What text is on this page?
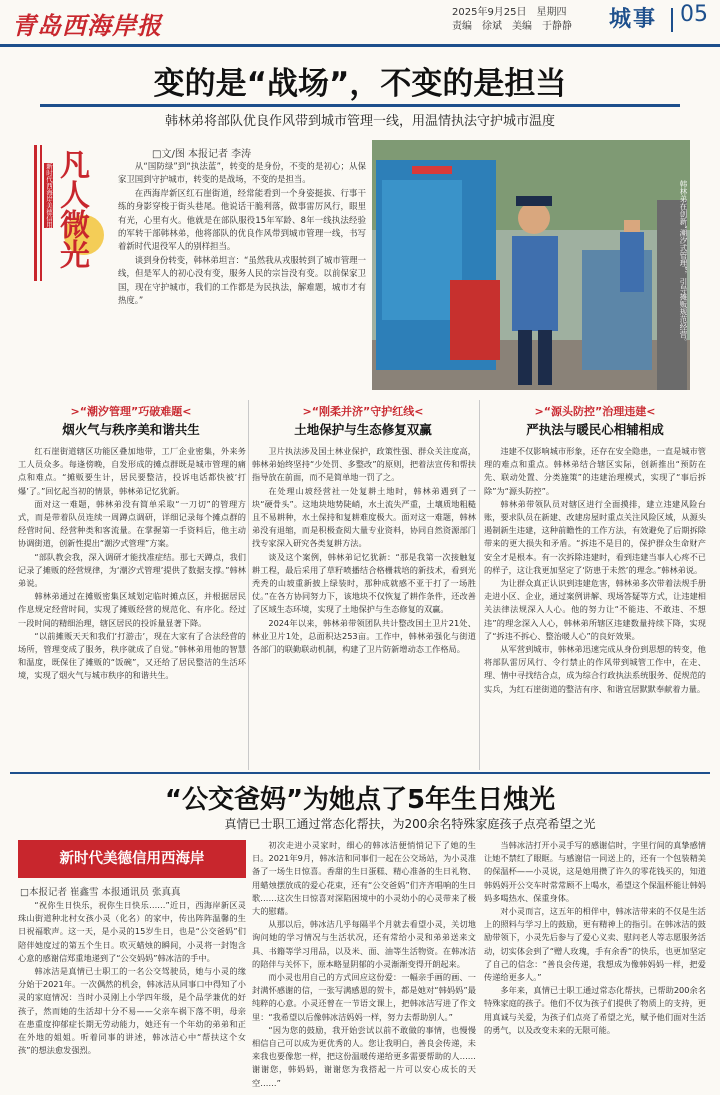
青岛西海岸报	2025年9月25日　星期四
责编　徐斌　美编　于静静 城事 05
变的是“战场”，不变的是担当
韩林弟将部队优良作风带到城市管理一线，用温情执法守护城市温度
凡人微光
新时代西海岸美德信用
□文/图 本报记者 李涛

从“国防绿”到“执法蓝”，转变的是身份，不变的是初心；从保家卫国到守护城市，转变的是战场，不变的是担当。

在西海岸新区红石崖街道，经常能看到一个身姿挺拔、行事干练的身影穿梭于街头巷尾。他说话干脆利落，做事雷厉风行，眼里有光，心里有火。他就是在部队服役15年军龄、8年一线执法经验的军转干部韩林弟，他将部队的优良作风带到城市管理一线，书写着新时代退役军人的别样担当。

谈到身份转变，韩林弟坦言：“虽然我从戎服转到了城市管理一线，但是军人的初心没有变，服务人民的宗旨没有变。以前保家卫国，现在守护城市，我们的工作都是为民执法，解难题，城市才有热度。”	韩林弟在创新“潮汐式管理”，引导摊贩规范经营。
>“潮汐管理”巧破难题<
烟火气与秩序美和谐共生
>“刚柔并济”守护红线<
土地保护与生态修复双赢
>“源头防控”治理违建<
严执法与暖民心相辅相成

红石崖街道辖区功能区叠加地带，工厂企业密集，外来务工人员众多。每逢傍晚，自发形成的摊点群既是城市管理的痛点和难点。“摊贩要生计，居民要整洁，投诉电话都快被‘打爆’了。”回忆起当初的情景，韩林弟记忆犹新。

面对这一难题，韩林弟没有简单采取“一刀切”的管理方式，而是带着队员连续一周蹲点调研，详细记录每个摊点群的经营时间、经营种类和客流量。在掌握第一手资料后，他主动协调街道，创新性提出“潮汐式管理”方案。

“部队教会我，深入调研才能找准症结。那七天蹲点，我们记录了摊贩的经营规律，为‘潮汐式管理’提供了数据支撑。”韩林弟说。

韩林弟通过在摊贩密集区域划定临时摊点区，并根据居民作息规定经营时间，实现了摊贩经营的规范化、有序化。经过一段时间的精细治理，辖区居民的投诉量显著下降。

“以前摊贩天天和我们‘打游击’，现在大家有了合法经营的场所，管理变成了服务，秩序就成了自觉。”韩林弟用他的智慧和温度，既保住了摊贩的“饭碗”，又还给了居民整洁的生活环境，实现了烟火气与城市秩序的和谐共生。

卫片执法涉及国土林业保护，政策性强、群众关注度高，韩林弟始终坚持“少处罚、多整改”的原则，把着法宣传和帮扶指导放在前面，而不是简单地一罚了之。

在处理山坡经营社一处复耕土地时，韩林弟遇到了一块“硬骨头”。这地块地势陡峭，水土流失严重，土壤质地粗糙且不易耕种，水土保持和复耕难度极大。面对这一难题，韩林弟没有退缩，而是积极查阅大量专业资料，协同自然资源部门找专家深入研究各类复耕方法。

谈及这个案例，韩林弟记忆犹新：“那是我第一次接触复耕工程，最后采用了草籽喷播结合格栅栽培的新技术，看到光秃秃的山坡重新披上绿装时，那种成就感不亚于打了一场胜仗。”在各方协同努力下，该地块不仅恢复了耕作条件，还改善了区域生态环境，实现了土地保护与生态修复的双赢。

2024年以来，韩林弟带领团队共计整改国土卫片21处、林业卫片1处，总面积达253亩。工作中，韩林弟强化与街道各部门的联勤联动机制，构建了卫片防新增动态工作格局。

违建不仅影响城市形象，还存在安全隐患，一直是城市管理的难点和重点。韩林弟结合辖区实际，创新推出“预防在先、联动处置、分类施策”的违建治理模式，实现了“事后拆除”为“源头防控”。

韩林弟带领队员对辖区进行全面摸排，建立违建风险台账，要求队员在新建、改建房屋时重点关注风险区域，从源头遏制新生违建，这种前瞻性的工作方法，有效避免了后期拆除带来的更大损失和矛盾。“拆违不是目的，保护群众生命财产安全才是根本。有一次拆除违建时，看到违建当事人心疼不已的样子，这让我更加坚定了‘防患于未然’的理念。”韩林弟说。

为让群众真正认识到违建危害，韩林弟多次带着法规手册走进小区、企业，通过案例讲解、现场答疑等方式，让违建相关法律法规深入人心。他的努力让“不能违、不敢违、不想违”的理念深入人心，韩林弟所辖区违建数量持续下降，实现了“拆违不拆心、整治暖人心”的良好效果。

从军营到城市，韩林弟迅速完成从身份到思想的转变，他将部队雷厉风行、令行禁止的作风带到城管工作中，在走、理、情中寻找结合点，成为综合行政执法系统服务、促规范的实兵，为红石崖街道的整洁有序、和谐宜居默默奉献着力量。

“公交爸妈”为她点了5年生日烛光
真情已士职工通过常态化帮扶，为200余名特殊家庭孩子点亮希望之光
新时代美德信用西海岸
□本报记者 崔鑫雪 本报通讯员 张真真

“祝你生日快乐，祝你生日快乐……”近日，西海岸新区灵珠山街道种北村女孩小灵（化名）的家中，传出阵阵温馨的生日祝福歌声。这一天，是小灵的15岁生日，也是“公交爸妈”们陪伴她度过的第五个生日。吹灭蜡烛的瞬间，小灵将一封饱含心意的感谢信郑重地递到了“公交妈妈”韩冰洁的手中。

韩冰洁是真情已士职工的一名公交驾驶员，她与小灵的缘分始于2021年。一次偶然的机会，韩冰洁从同事口中得知了小灵的家庭情况：当时小灵刚上小学四年级，是个品学兼优的好孩子，然而她的生活却十分不易——父亲车祸下落不明，母亲在患重度抑郁症长期无劳动能力，她还有一个年幼的弟弟和正在外地的姐姐。听着同事的讲述，韩冰洁心中“帮扶这个女孩”的想法愈发强烈。

初次走进小灵家时，细心的韩冰洁便悄悄记下了她的生日。2021年9月，韩冰洁和同事们一起在公交场站，为小灵准备了一场生日惊喜。香甜的生日蛋糕、精心准备的生日礼物、用蜡烛摆放成的爱心花束，还有“公交爸妈”们齐齐唱响的生日歌……这次生日惊喜对深陷困境中的小灵幼小的心灵带来了极大的慰藉。

从那以后，韩冰洁几乎每隔半个月就去看望小灵，关切地询问她的学习情况与生活状况，还有常给小灵和弟弟送来文具、书籍等学习用品，以及米、面、油等生活物资。在韩冰洁的陪伴与关怀下，原本略显阴郁的小灵渐渐变得开朗起来。

而小灵也用自己的方式回应这份爱：一幅亲手画的画、一封满怀感谢的信，一张写满感恩的贺卡，都是她对“韩妈妈”最纯粹的心意。小灵还曾在一节语文课上，把韩冰洁写进了作文里：“我希望以后像韩冰洁妈妈一样，努力去帮助别人。”

“因为您的鼓励，我开始尝试以前不敢做的事情，也慢慢相信自己可以成为更优秀的人。您让我明白，善良会传递，未来我也要像您一样，把这份温暖传递给更多需要帮助的人……谢谢您，韩妈妈，谢谢您为我搭起一片可以安心成长的天空……”

当韩冰洁打开小灵手写的感谢信时，字里行间的真挚感情让她不禁红了眼眶。与感谢信一同送上的，还有一个包装精美的保温杯——小灵说，这是她用攒了许久的零花钱买的，知道韩妈妈开公交车时常常顾不上喝水，希望这个保温杯能让韩妈妈多喝热水、保重身体。

对小灵而言，这五年的相伴中，韩冰洁带来的不仅是生活上的照料与学习上的鼓励，更有精神上的指引。在韩冰洁的鼓励带领下，小灵先后参与了爱心义卖、慰问老人等志愿服务活动，切实体会到了“赠人玫瑰，手有余香”的快乐，也更加坚定了自己的信念：“善良会传递，我想成为像韩妈妈一样，把爱传递给更多人。”

多年来，真情已士职工通过常态化帮扶，已帮助200余名特殊家庭的孩子。他们不仅为孩子们提供了物质上的支持，更用真诚与关爱，为孩子们点亮了希望之光，赋予他们面对生活的勇气，以及改变未来的无限可能。
